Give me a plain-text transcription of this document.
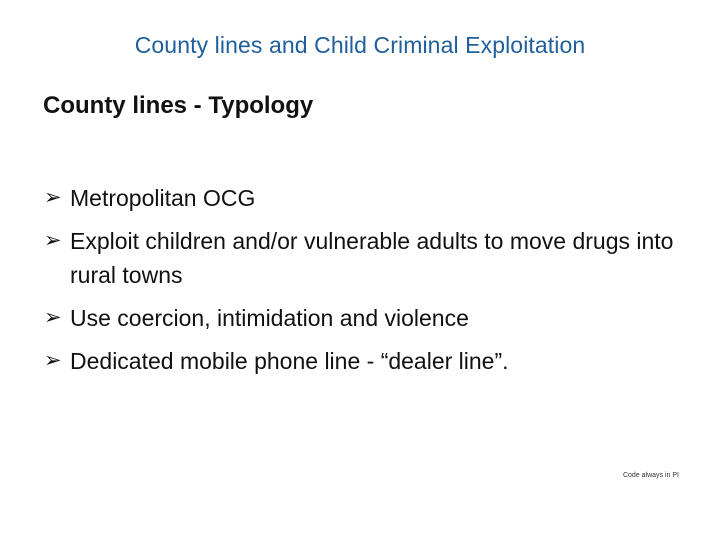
County lines and Child Criminal Exploitation
County lines - Typology
➢ Metropolitan OCG
➢ Exploit children and/or vulnerable adults to move drugs into rural towns
➢ Use coercion, intimidation and violence
➢ Dedicated mobile phone line - “dealer line”.
Code always in PI
